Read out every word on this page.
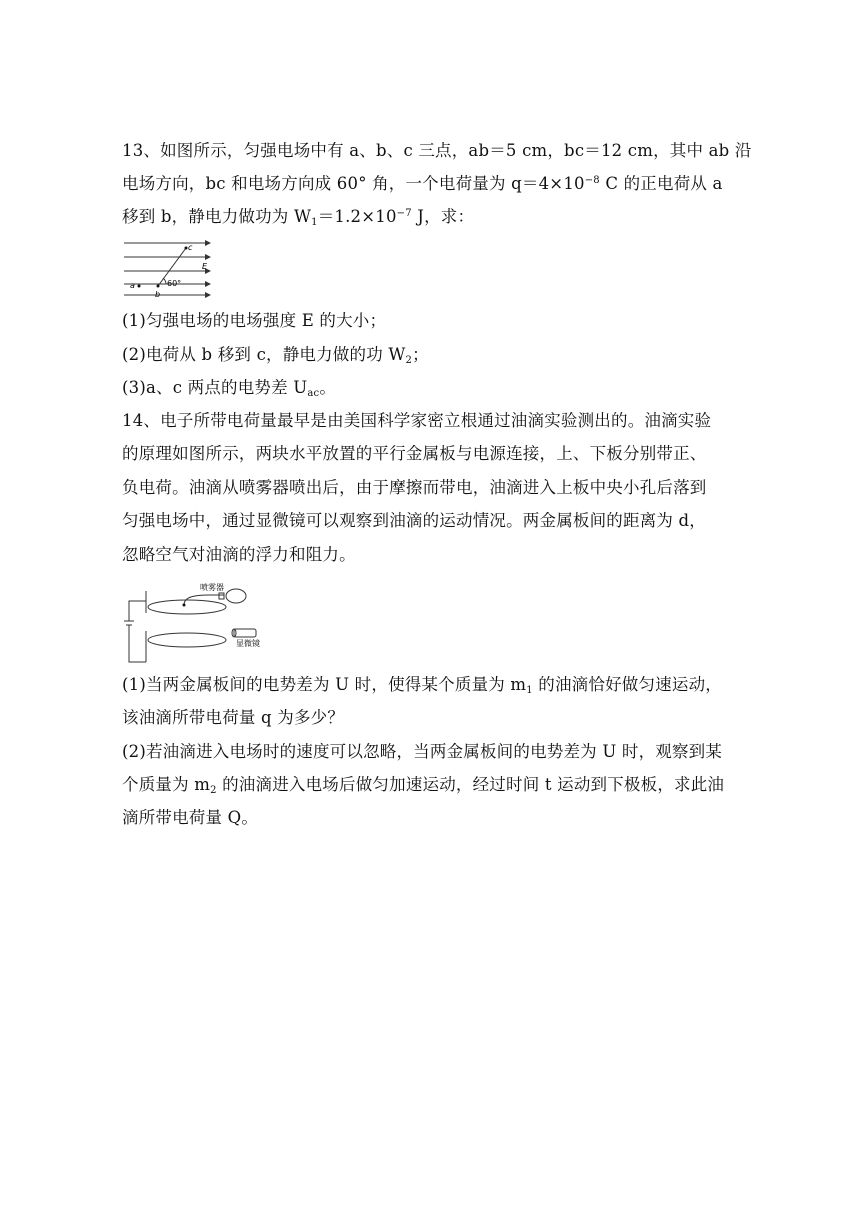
13、如图所示，匀强电场中有 a、b、c 三点，ab＝5 cm，bc＝12 cm，其中 ab 沿
电场方向，bc 和电场方向成 60° 角，一个电荷量为 $q=4\times 10^{-8}$ C 的正电荷从 a
移到 b，静电力做功为 $W_1=1.2\times 10^{-7}$ J，求：
c
E
a
b
60°
(1)匀强电场的电场强度 E 的大小；
(2)电荷从 b 移到 c，静电力做的功 $W_2$；
(3)a、c 两点的电势差 $U_{ac}$。
14、电子所带电荷量最早是由美国科学家密立根通过油滴实验测出的。油滴实验
的原理如图所示，两块水平放置的平行金属板与电源连接，上、下板分别带正、
负电荷。油滴从喷雾器喷出后，由于摩擦而带电，油滴进入上板中央小孔后落到
匀强电场中，通过显微镜可以观察到油滴的运动情况。两金属板间的距离为 d，
忽略空气对油滴的浮力和阻力。
喷雾器
显微镜
(1)当两金属板间的电势差为 U 时，使得某个质量为 $m_1$ 的油滴恰好做匀速运动，
该油滴所带电荷量 q 为多少？
(2)若油滴进入电场时的速度可以忽略，当两金属板间的电势差为 U 时，观察到某
个质量为 $m_2$ 的油滴进入电场后做匀加速运动，经过时间 t 运动到下极板，求此油
滴所带电荷量 Q。
